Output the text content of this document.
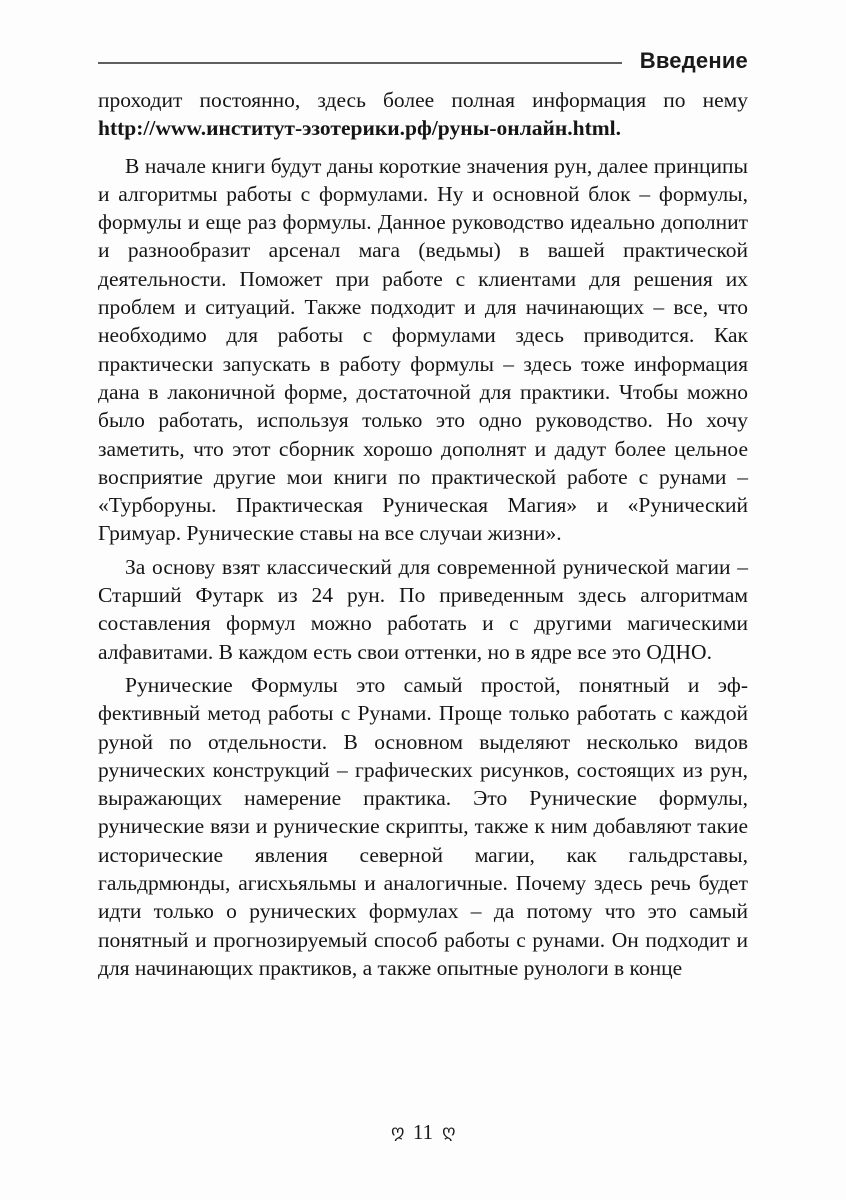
Введение

проходит постоянно, здесь более полная информация по нему http://www.институт-эзотерики.рф/руны-онлайн.html.

В начале книги будут даны короткие значения рун, далее принципы и алгоритмы работы с формулами. Ну и основной блок – формулы, формулы и еще раз формулы. Данное руководство идеально дополнит и разнообразит арсенал мага (ведьмы) в вашей практической деятельности. Поможет при работе с клиентами для решения их проблем и ситуаций. Также подходит и для начинающих – все, что необходимо для работы с формулами здесь приводится. Как практически запускать в работу формулы – здесь тоже информация дана в лаконичной форме, достаточной для практики. Чтобы можно было работать, используя только это одно руководство. Но хочу заметить, что этот сборник хорошо дополнят и дадут более цельное восприятие другие мои книги по практической работе с рунами – «Турборуны. Практическая Руническая Магия» и «Рунический Гримуар. Рунические ставы на все случаи жизни».

За основу взят классический для современной рунической магии – Старший Футарк из 24 рун. По приведенным здесь алгоритмам составления формул можно работать и с другими магическими алфавитами. В каждом есть свои оттенки, но в ядре все это ОДНО.

Рунические Формулы это самый простой, понятный и эффективный метод работы с Рунами. Проще только работать с каждой руной по отдельности. В основном выделяют несколько видов рунических конструкций – графических рисунков, состоящих из рун, выражающих намерение практика. Это Рунические формулы, рунические вязи и рунические скрипты, также к ним добавляют такие исторические явления северной магии, как гальдрставы, гальдрмюнды, агисхьяльмы и аналогичные. Почему здесь речь будет идти только о рунических формулах – да потому что это самый понятный и прогнозируемый способ работы с рунами. Он подходит и для начинающих практиков, а также опытные рунологи в конце

ღ 11 ღ
